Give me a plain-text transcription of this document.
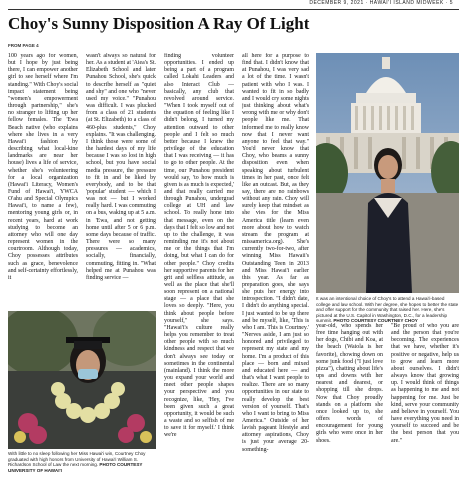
DECEMBER 9, 2021 · HAWAI'I ISLAND MIDWEEK · 5
Choy's Sunny Disposition A Ray Of Light
FROM PAGE 4

100 years ago for women, but I hope by just being there, I can empower another girl to see herself where I'm standing." With Choy's social impact statement being "women's empowerment through partnership," she's no stranger to lifting up her fellow females. The 'Ewa Beach native (who explains where she lives in a very Hawai'i fashion by describing what local-kine landmarks are near her house) lives a life of service, whether she's volunteering for a local organization (Hawai'i Literacy, Women's Fund of Hawai'i, YWCA O'ahu and Special Olympics Hawai'i, to name a few), mentoring young girls or, in recent years, hard at work studying to become an attorney who will one day represent women in the courtroom. Although today, Choy possesses attributes such as grace, benevolence and self-certainty effortlessly, it

wasn't always so natural for her. As a student at 'Aiea's St. Elizabeth School and later Punahou School, she's quick to describe herself as "quiet and shy" and one who "never used my voice." "Punahou was difficult. I was plucked from a class of 21 students (at St. Elizabeth) to a class of 460-plus students," Choy explains. "It was challenging. I think those were some of the hardest days of my life because I was so lost in high school, but you have social media pressure, the pressure to fit in and be liked by everybody, and to be that 'popular' student — which I was not — but I worked really hard. I was commuting on a bus, waking up at 5 a.m. in 'Ewa, and not getting home until after 5 or 6 p.m. some days because of traffic. There were so many pressures — academics, socially, financially, commuting, fitting in. "What helped me at Punahou was finding service —

finding volunteer opportunities. I ended up being a part of a program called Lokahi Leaders and also Interact Club — basically, any club that revolved around service. "When I took myself out of the equation of feeling like I didn't belong, I turned my attention outward to other people and I felt so much better because I knew the privilege of the education that I was receiving — it has to go to other people. At the time, our Punahou president would say, 'to how much is given is as much is expected,' and that really carried me through Punahou, undergrad college at UH and law school. To really hone into that message, even on the days that I felt so low and not up to the challenge, it was reminding me it's not about me or the things that I'm doing, but what I can do for other people." Choy credits her supportive parents for her grit and selfless attitude, as well as the place that she'll soon represent on a national stage — a place that she loves so deeply. "Here, you think about people before yourself," she says. "Hawai'i's culture really helps you remember to treat other people with so much kindness and respect that we don't always see today or sometimes in the continental (mainland). I think the more you expand your world and meet other people shapes your perspective and you recognize, like, 'Hey, I've been given such a great opportunity, it would be such a waste and so selfish of me to save it for myself.' I think we're

all here for a purpose to find that. I didn't know that at Punahou, I was very sad a lot of the time. I wasn't patient with who I was. I wanted to fit in so badly and I would cry some nights just thinking about what's wrong with me or why don't people like me. That informed me to really know now that I never want anyone to feel that way." You'd never know that Choy, who beams a sunny disposition even when speaking about turbulent times in her past, once felt like an outcast. But, as they say, there are no rainbows without any rain. Choy will surely keep that mindset as she vies for the Miss America title (learn even more about how to watch stream the program at missamerica.org). She's currently two-for-two, after winning Miss Hawaii's Outstanding Teen in 2013 and Miss Hawai'i earlier this year. As far as preparation goes, she says she puts her energy into introspection. "I didn't date, I didn't do anything special. I just wanted to be up there and be myself, like, 'This is who I am. This is Courtney.' "Nerves aside, I am just so honored and privileged to represent my state and my home. I'm a product of this place — born and mixed and educated here — and that's what I want people to realize. There are so many opportunities in our state to really develop the best version of yourself. That's who I want to bring to Miss America." Outside of her lavish pageant lifestyle and attorney aspirations, Choy is just your average 20-something-

It was an intentional choice of Choy's to attend a Hawai'i-based college and law school. With her degree, she hopes to better the state and offer support for the community that raised her. Here, she's pictured at the U.S. Capitol in Washington, D.C., for a leadership summit. PHOTO COURTESY COURTNEY CHOY

year-old, who spends her free time hanging out with her dogs, Chibi and Koa, at the beach (Waiola is her favorite), chowing down on some junk food ("I just love pizza"), chatting about life's ups and downs with her nearest and dearest, or shopping till she drops. Now that Choy proudly stands on a platform she once looked up to, she offers words of encouragement for young girls who were once in her shoes.

"Be proud of who you are and the person that you're becoming. The experiences that we have, whether it's positive or negative, help us to grow and learn more about ourselves. I didn't always know that growing up. I would think of things as happening to me and not happening for me. Just be kind, serve your community and believe in yourself. You have everything you need in yourself to succeed and be the best person that you are."

With little to no sleep following her Miss Hawai'i win, Courtney Choy graduated with high honors from University of Hawai'i William S. Richardson School of Law the next morning. PHOTO COURTESY UNIVERSITY OF HAWAI'I
